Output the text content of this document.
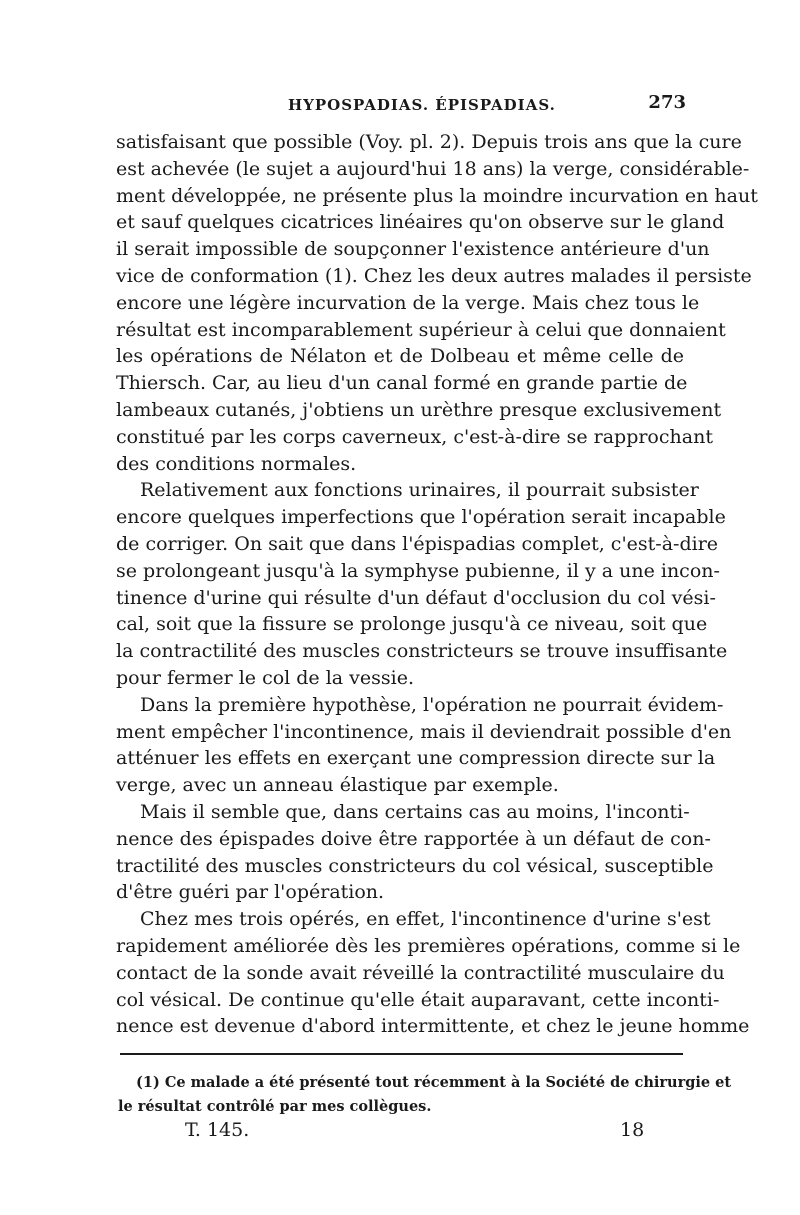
HYPOSPADIAS. ÉPISPADIAS.	273
satisfaisant que possible (Voy. pl. 2). Depuis trois ans que la cure
est achevée (le sujet a aujourd'hui 18 ans) la verge, considérable-
ment développée, ne présente plus la moindre incurvation en haut
et sauf quelques cicatrices linéaires qu'on observe sur le gland
il serait impossible de soupçonner l'existence antérieure d'un
vice de conformation (1). Chez les deux autres malades il persiste
encore une légère incurvation de la verge. Mais chez tous le
résultat est incomparablement supérieur à celui que donnaient
les opérations de Nélaton et de Dolbeau et même celle de
Thiersch. Car, au lieu d'un canal formé en grande partie de
lambeaux cutanés, j'obtiens un urèthre presque exclusivement
constitué par les corps caverneux, c'est-à-dire se rapprochant
des conditions normales.
Relativement aux fonctions urinaires, il pourrait subsister
encore quelques imperfections que l'opération serait incapable
de corriger. On sait que dans l'épispadias complet, c'est-à-dire
se prolongeant jusqu'à la symphyse pubienne, il y a une incon-
tinence d'urine qui résulte d'un défaut d'occlusion du col vési-
cal, soit que la fissure se prolonge jusqu'à ce niveau, soit que
la contractilité des muscles constricteurs se trouve insuffisante
pour fermer le col de la vessie.
Dans la première hypothèse, l'opération ne pourrait évidem-
ment empêcher l'incontinence, mais il deviendrait possible d'en
atténuer les effets en exerçant une compression directe sur la
verge, avec un anneau élastique par exemple.
Mais il semble que, dans certains cas au moins, l'inconti-
nence des épispades doive être rapportée à un défaut de con-
tractilité des muscles constricteurs du col vésical, susceptible
d'être guéri par l'opération.
Chez mes trois opérés, en effet, l'incontinence d'urine s'est
rapidement améliorée dès les premières opérations, comme si le
contact de la sonde avait réveillé la contractilité musculaire du
col vésical. De continue qu'elle était auparavant, cette inconti-
nence est devenue d'abord intermittente, et chez le jeune homme
(1) Ce malade a été présenté tout récemment à la Société de chirurgie et
le résultat contrôlé par mes collègues.
T. 145.	18
